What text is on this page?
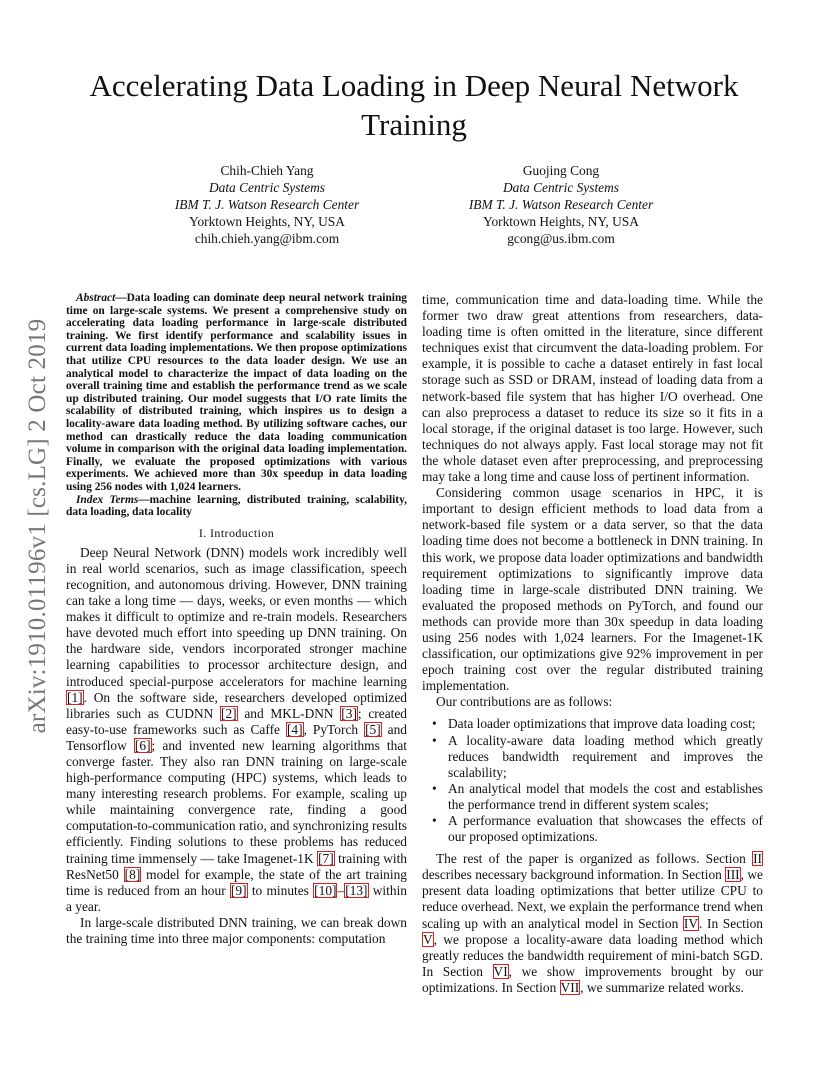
Accelerating Data Loading in Deep Neural Network Training
Chih-Chieh Yang
Data Centric Systems
IBM T. J. Watson Research Center
Yorktown Heights, NY, USA
chih.chieh.yang@ibm.com
Guojing Cong
Data Centric Systems
IBM T. J. Watson Research Center
Yorktown Heights, NY, USA
gcong@us.ibm.com
arXiv:1910.01196v1 [cs.LG] 2 Oct 2019

Abstract—Data loading can dominate deep neural network training time on large-scale systems. We present a comprehensive study on accelerating data loading performance in large-scale distributed training. We first identify performance and scalability issues in current data loading implementations. We then propose optimizations that utilize CPU resources to the data loader design. We use an analytical model to characterize the impact of data loading on the overall training time and establish the performance trend as we scale up distributed training. Our model suggests that I/O rate limits the scalability of distributed training, which inspires us to design a locality-aware data loading method. By utilizing software caches, our method can drastically reduce the data loading communication volume in comparison with the original data loading implementation. Finally, we evaluate the proposed optimizations with various experiments. We achieved more than 30x speedup in data loading using 256 nodes with 1,024 learners.

Index Terms—machine learning, distributed training, scalability, data loading, data locality

I. Introduction

Deep Neural Network (DNN) models work incredibly well in real world scenarios, such as image classification, speech recognition, and autonomous driving. However, DNN training can take a long time — days, weeks, or even months — which makes it difficult to optimize and re-train models. Researchers have devoted much effort into speeding up DNN training. On the hardware side, vendors incorporated stronger machine learning capabilities to processor architecture design, and introduced special-purpose accelerators for machine learning [1]. On the software side, researchers developed optimized libraries such as CUDNN [2] and MKL-DNN [3]; created easy-to-use frameworks such as Caffe [4], PyTorch [5] and Tensorflow [6]; and invented new learning algorithms that converge faster. They also ran DNN training on large-scale high-performance computing (HPC) systems, which leads to many interesting research problems. For example, scaling up while maintaining convergence rate, finding a good computation-to-communication ratio, and synchronizing results efficiently. Finding solutions to these problems has reduced training time immensely — take Imagenet-1K [7] training with ResNet50 [8] model for example, the state of the art training time is reduced from an hour [9] to minutes [10]–[13] within a year.

In large-scale distributed DNN training, we can break down the training time into three major components: computation

time, communication time and data-loading time. While the former two draw great attentions from researchers, data-loading time is often omitted in the literature, since different techniques exist that circumvent the data-loading problem. For example, it is possible to cache a dataset entirely in fast local storage such as SSD or DRAM, instead of loading data from a network-based file system that has higher I/O overhead. One can also preprocess a dataset to reduce its size so it fits in a local storage, if the original dataset is too large. However, such techniques do not always apply. Fast local storage may not fit the whole dataset even after preprocessing, and preprocessing may take a long time and cause loss of pertinent information.

Considering common usage scenarios in HPC, it is important to design efficient methods to load data from a network-based file system or a data server, so that the data loading time does not become a bottleneck in DNN training. In this work, we propose data loader optimizations and bandwidth requirement optimizations to significantly improve data loading time in large-scale distributed DNN training. We evaluated the proposed methods on PyTorch, and found our methods can provide more than 30x speedup in data loading using 256 nodes with 1,024 learners. For the Imagenet-1K classification, our optimizations give 92% improvement in per epoch training cost over the regular distributed training implementation.

Our contributions are as follows:

• Data loader optimizations that improve data loading cost;
• A locality-aware data loading method which greatly reduces bandwidth requirement and improves the scalability;
• An analytical model that models the cost and establishes the performance trend in different system scales;
• A performance evaluation that showcases the effects of our proposed optimizations.

The rest of the paper is organized as follows. Section II describes necessary background information. In Section III, we present data loading optimizations that better utilize CPU to reduce overhead. Next, we explain the performance trend when scaling up with an analytical model in Section IV. In Section V, we propose a locality-aware data loading method which greatly reduces the bandwidth requirement of mini-batch SGD. In Section VI, we show improvements brought by our optimizations. In Section VII, we summarize related works.
